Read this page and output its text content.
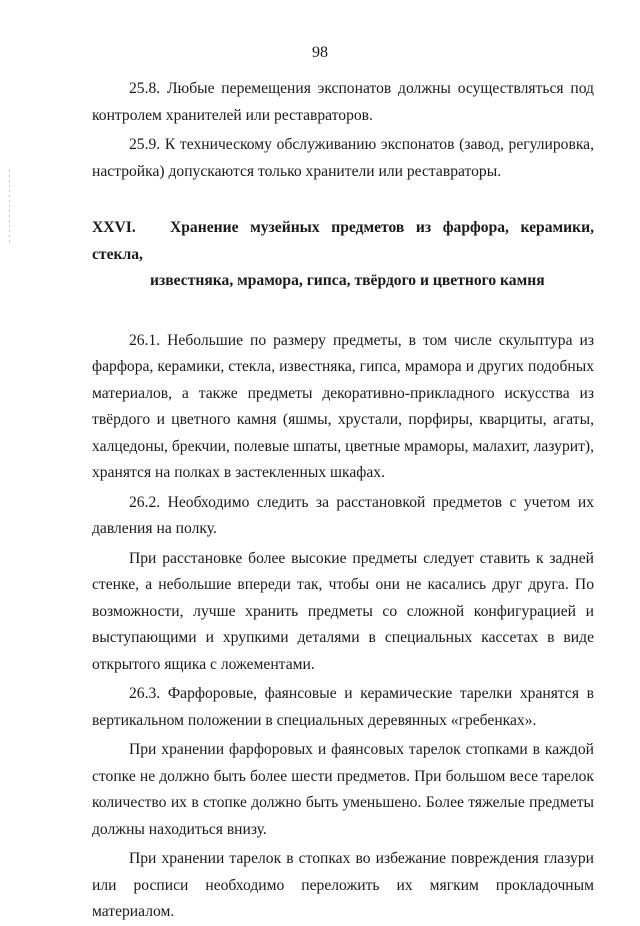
98

25.8. Любые перемещения экспонатов должны осуществляться под контролем хранителей или реставраторов.

25.9. К техническому обслуживанию экспонатов (завод, регулировка, настройка) допускаются только хранители или реставраторы.

XXVI.	Хранение музейных предметов из фарфора, керамики, стекла,
известняка, мрамора, гипса, твёрдого и цветного камня

26.1. Небольшие по размеру предметы, в том числе скульптура из фарфора, керамики, стекла, известняка, гипса, мрамора и других подобных материалов, а также предметы декоративно-прикладного искусства из твёрдого и цветного камня (яшмы, хрустали, порфиры, кварциты, агаты, халцедоны, брекчии, полевые шпаты, цветные мраморы, малахит, лазурит), хранятся на полках в застекленных шкафах.

26.2. Необходимо следить за расстановкой предметов с учетом их давления на полку.

При расстановке более высокие предметы следует ставить к задней стенке, а небольшие впереди так, чтобы они не касались друг друга. По возможности, лучше хранить предметы со сложной конфигурацией и выступающими и хрупкими деталями в специальных кассетах в виде открытого ящика с ложементами.

26.3. Фарфоровые, фаянсовые и керамические тарелки хранятся в вертикальном положении в специальных деревянных «гребенках».

При хранении фарфоровых и фаянсовых тарелок стопками в каждой стопке не должно быть более шести предметов. При большом весе тарелок количество их в стопке должно быть уменьшено. Более тяжелые предметы должны находиться внизу.

При хранении тарелок в стопках во избежание повреждения глазури или росписи необходимо переложить их мягким прокладочным материалом.
